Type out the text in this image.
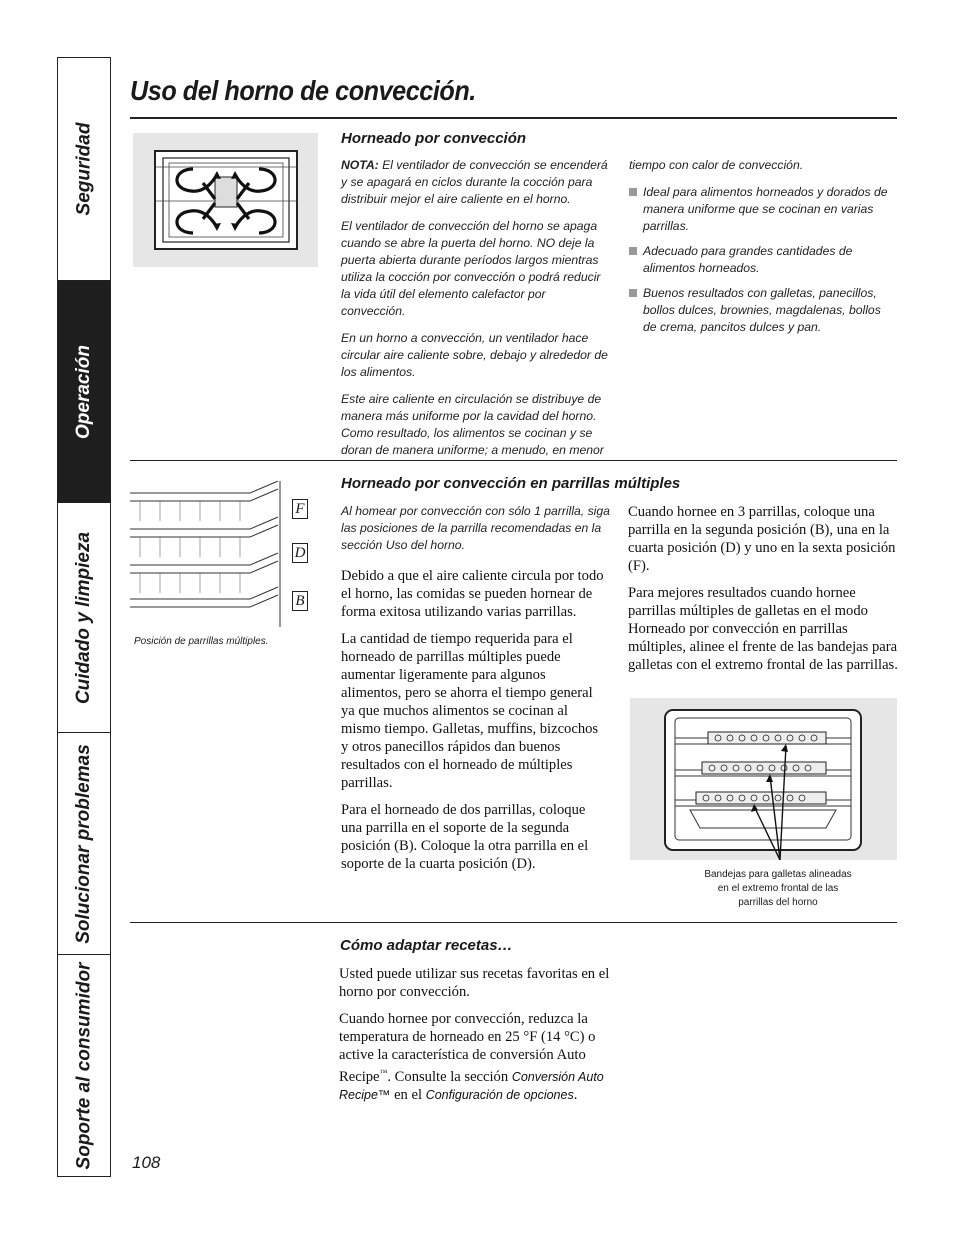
Seguridad
Operación
Cuidado y limpieza
Solucionar problemas
Soporte al consumidor
Uso del horno de convección.
Horneado por convección

NOTA: El ventilador de convección se encenderá y se apagará en ciclos durante la cocción para distribuir mejor el aire caliente en el horno.

El ventilador de convección del horno se apaga cuando se abre la puerta del horno. NO deje la puerta abierta durante períodos largos mientras utiliza la cocción por convección o podrá reducir la vida útil del elemento calefactor por convección.

En un horno a convección, un ventilador hace circular aire caliente sobre, debajo y alrededor de los alimentos.

Este aire caliente en circulación se distribuye de manera más uniforme por la cavidad del horno. Como resultado, los alimentos se cocinan y se doran de manera uniforme; a menudo, en menor

tiempo con calor de convección.

Ideal para alimentos horneados y dorados de manera uniforme que se cocinan en varias parrillas.
Adecuado para grandes cantidades de alimentos horneados.
Buenos resultados con galletas, panecillos, bollos dulces, brownies, magdalenas, bollos de crema, pancitos dulces y pan.
F
D
B
Posición de parrillas múltiples.
Horneado por convección en parrillas múltiples
Al homear por convección con sólo 1 parrilla, siga las posiciones de la parrilla recomendadas en la sección Uso del horno.

Debido a que el aire caliente circula por todo el horno, las comidas se pueden hornear de forma exitosa utilizando varias parrillas.

La cantidad de tiempo requerida para el horneado de parrillas múltiples puede aumentar ligeramente para algunos alimentos, pero se ahorra el tiempo general ya que muchos alimentos se cocinan al mismo tiempo. Galletas, muffins, bizcochos y otros panecillos rápidos dan buenos resultados con el horneado de múltiples parrillas.

Para el horneado de dos parrillas, coloque una parrilla en el soporte de la segunda posición (B). Coloque la otra parrilla en el soporte de la cuarta posición (D).

Cuando hornee en 3 parrillas, coloque una parrilla en la segunda posición (B), una en la cuarta posición (D) y uno en la sexta posición (F).

Para mejores resultados cuando hornee parrillas múltiples de galletas en el modo Horneado por convección en parrillas múltiples, alinee el frente de las bandejas para galletas con el extremo frontal de las parrillas.

Bandejas para galletas alineadas en el extremo frontal de las parrillas del horno
Cómo adaptar recetas…

Usted puede utilizar sus recetas favoritas en el horno por convección.

Cuando hornee por convección, reduzca la temperatura de horneado en 25 °F (14 °C) o active la característica de conversión Auto Recipe™. Consulte la sección Conversión Auto Recipe™ en el Configuración de opciones.

108
